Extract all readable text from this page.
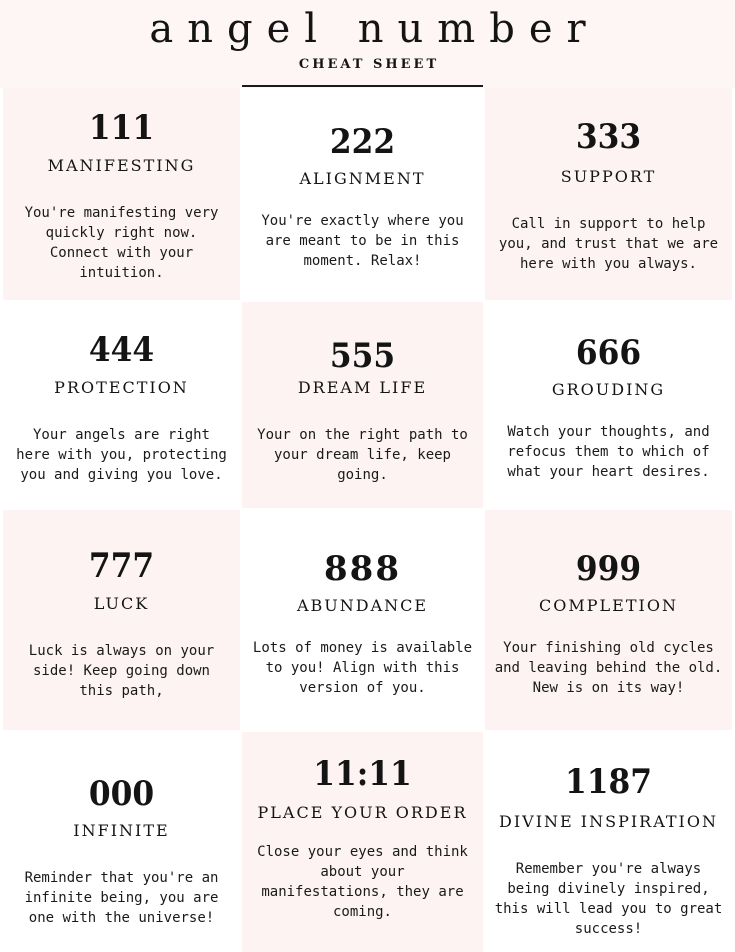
angel number
CHEAT SHEET
111
MANIFESTING
You're manifesting very
quickly right now.
Connect with your
intuition.
222
ALIGNMENT
You're exactly where you
are meant to be in this
moment. Relax!
333
SUPPORT
Call in support to help
you, and trust that we are
here with you always.
444
PROTECTION
Your angels are right
here with you, protecting
you and giving you love.
555
DREAM LIFE
Your on the right path to
your dream life, keep
going.
666
GROUDING
Watch your thoughts, and
refocus them to which of
what your heart desires.
777
LUCK
Luck is always on your
side! Keep going down
this path,
888
ABUNDANCE
Lots of money is available
to you! Align with this
version of you.
999
COMPLETION
Your finishing old cycles
and leaving behind the old.
New is on its way!
000
INFINITE
Reminder that you're an
infinite being, you are
one with the universe!
11:11
PLACE YOUR ORDER
Close your eyes and think
about your
manifestations, they are
coming.
1187
DIVINE INSPIRATION
Remember you're always
being divinely inspired,
this will lead you to great
success!
